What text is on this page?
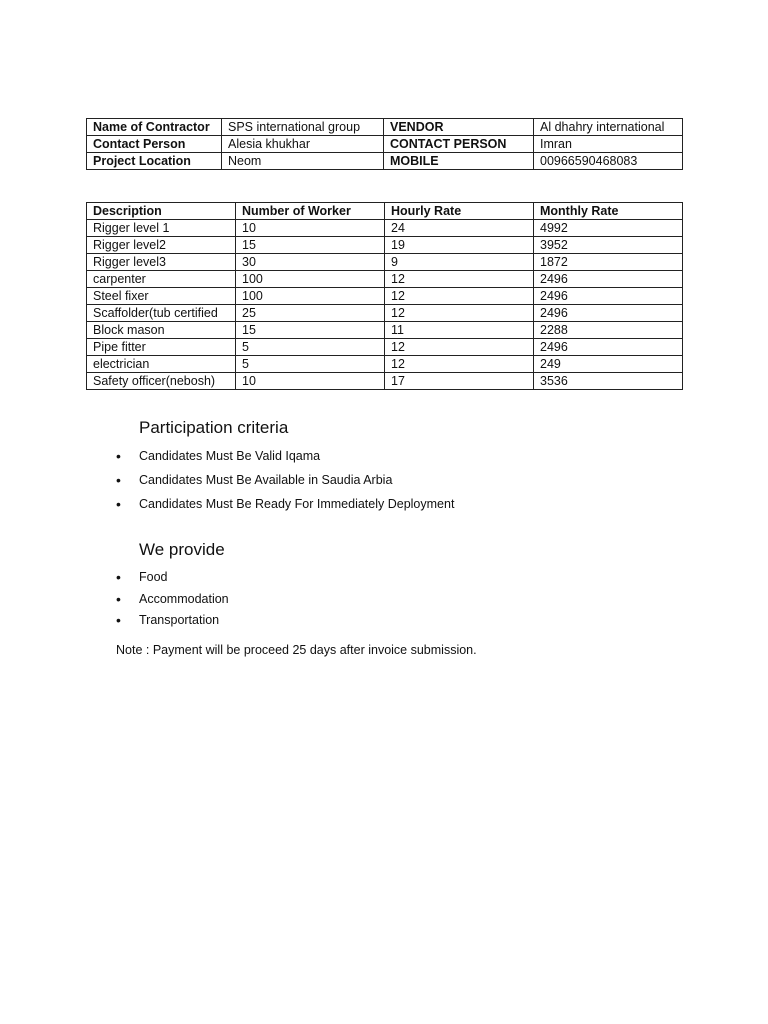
Name of Contractor	SPS international group	VENDOR	Al dhahry international
Contact Person	Alesia khukhar	CONTACT PERSON	Imran
Project Location	Neom	MOBILE	00966590468083
Description	Number of Worker	Hourly Rate	Monthly Rate
Rigger level 1	10	24	4992
Rigger level2	15	19	3952
Rigger level3	30	9	1872
carpenter	100	12	2496
Steel fixer	100	12	2496
Scaffolder(tub certified	25	12	2496
Block mason	15	11	2288
Pipe fitter	5	12	2496
electrician	5	12	249
Safety officer(nebosh)	10	17	3536
Participation criteria
• Candidates Must Be Valid Iqama
• Candidates Must Be Available in Saudia Arbia
• Candidates Must Be Ready For Immediately Deployment
We provide
• Food
• Accommodation
• Transportation
Note : Payment will be proceed 25 days after invoice submission.
